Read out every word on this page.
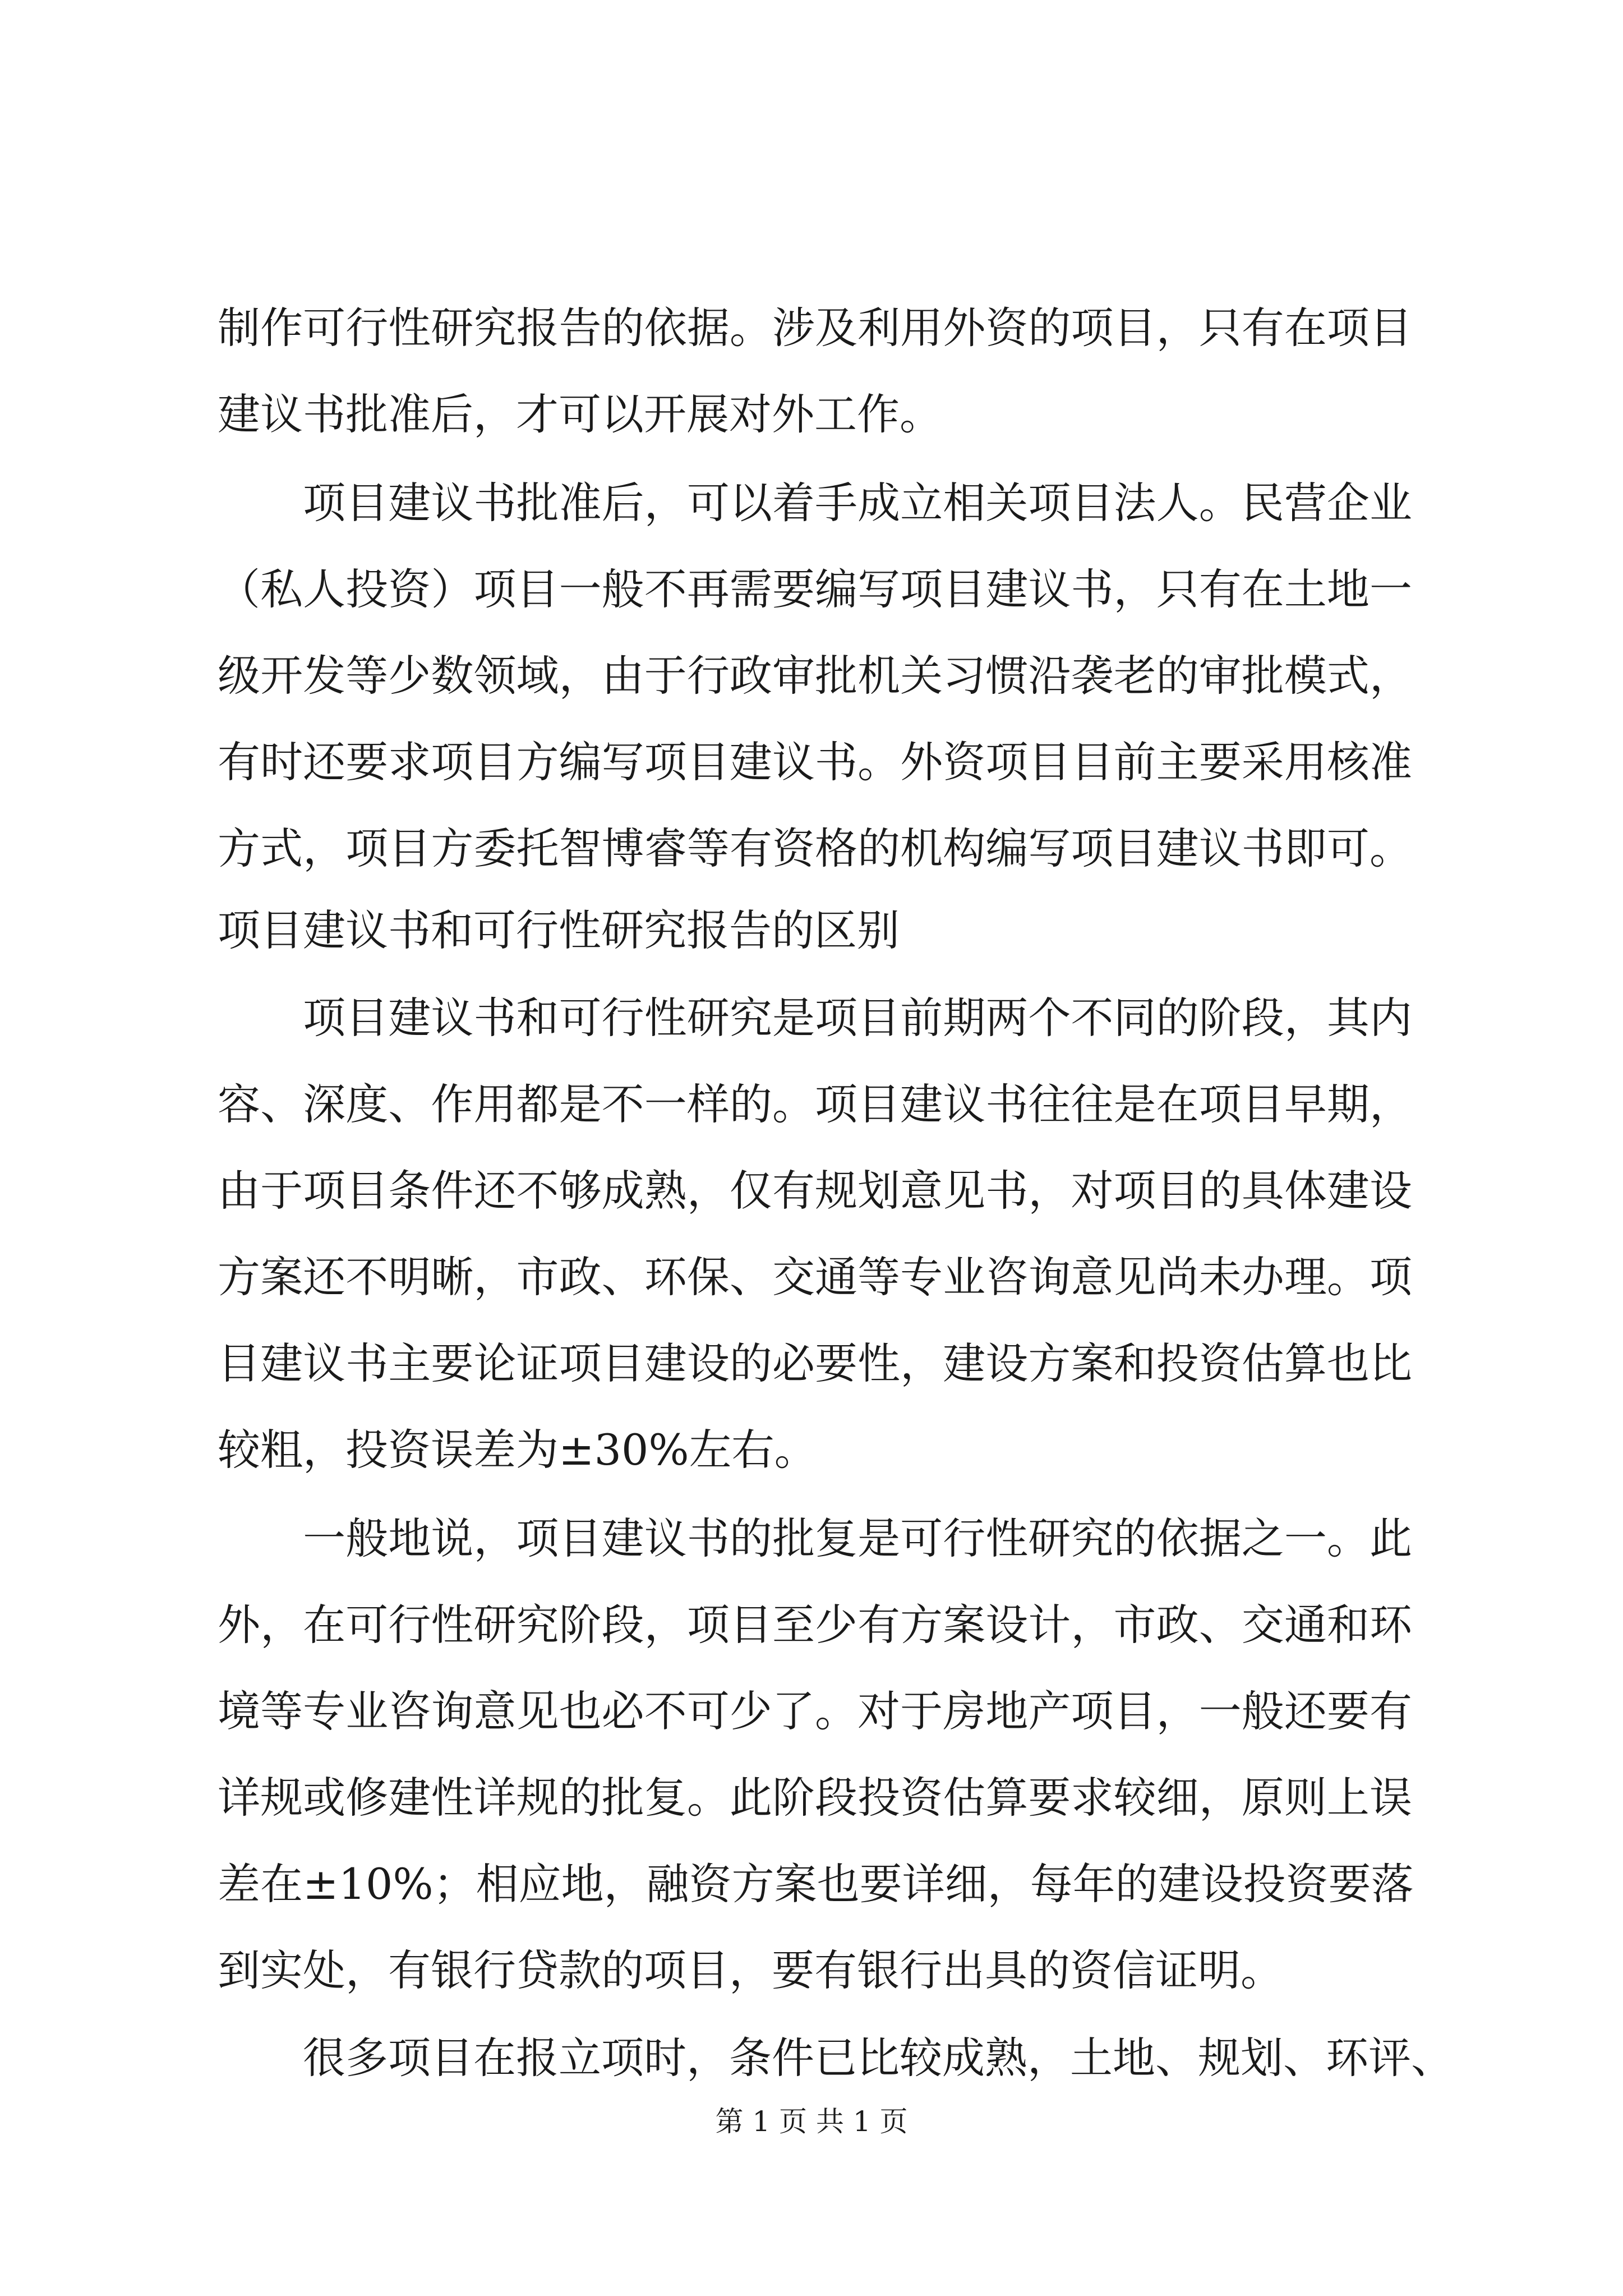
制作可行性研究报告的依据。涉及利用外资的项目，只有在项目
建议书批准后，才可以开展对外工作。
　　项目建议书批准后，可以着手成立相关项目法人。民营企业
（私人投资）项目一般不再需要编写项目建议书，只有在土地一
级开发等少数领域，由于行政审批机关习惯沿袭老的审批模式，
有时还要求项目方编写项目建议书。外资项目目前主要采用核准
方式，项目方委托智博睿等有资格的机构编写项目建议书即可。
项目建议书和可行性研究报告的区别
　　项目建议书和可行性研究是项目前期两个不同的阶段，其内
容、深度、作用都是不一样的。项目建议书往往是在项目早期，
由于项目条件还不够成熟，仅有规划意见书，对项目的具体建设
方案还不明晰，市政、环保、交通等专业咨询意见尚未办理。项
目建议书主要论证项目建设的必要性，建设方案和投资估算也比
较粗，投资误差为±30%左右。
　　一般地说，项目建议书的批复是可行性研究的依据之一。此
外，在可行性研究阶段，项目至少有方案设计，市政、交通和环
境等专业咨询意见也必不可少了。对于房地产项目，一般还要有
详规或修建性详规的批复。此阶段投资估算要求较细，原则上误
差在±10%；相应地，融资方案也要详细，每年的建设投资要落
到实处，有银行贷款的项目，要有银行出具的资信证明。
　　很多项目在报立项时，条件已比较成熟，土地、规划、环评、
第 1 页 共 1 页
